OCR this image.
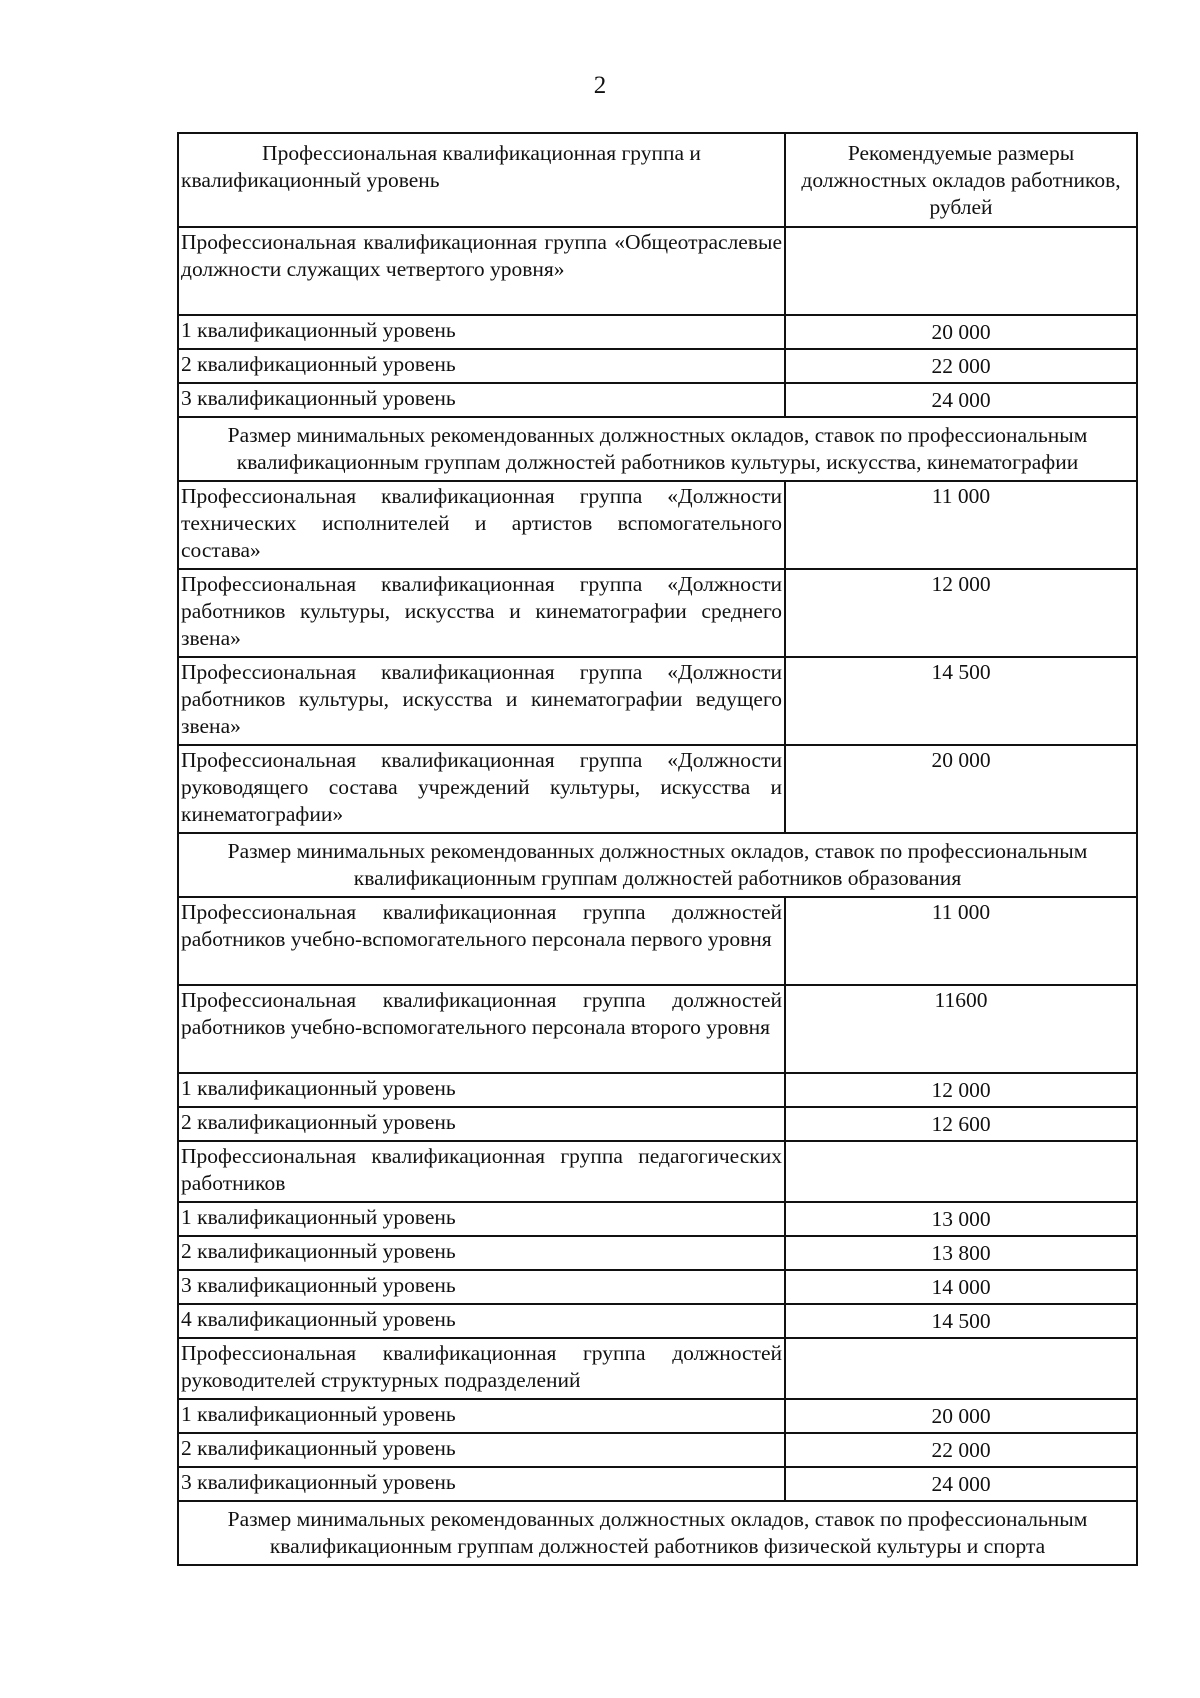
2
Профессиональная квалификационная группа и квалификационный уровень	Рекомендуемые размеры должностных окладов работников, рублей
Профессиональная квалификационная группа «Общеотраслевые должности служащих четвертого уровня»	
1 квалификационный уровень	20 000
2 квалификационный уровень	22 000
3 квалификационный уровень	24 000
Размер минимальных рекомендованных должностных окладов, ставок по профессиональным квалификационным группам должностей работников культуры, искусства, кинематографии	
Профессиональная квалификационная группа «Должности технических исполнителей и артистов вспомогательного состава»	11 000
Профессиональная квалификационная группа «Должности работников культуры, искусства и кинематографии среднего звена»	12 000
Профессиональная квалификационная группа «Должности работников культуры, искусства и кинематографии ведущего звена»	14 500
Профессиональная квалификационная группа «Должности руководящего состава учреждений культуры, искусства и кинематографии»	20 000
Размер минимальных рекомендованных должностных окладов, ставок по профессиональным квалификационным группам должностей работников образования	
Профессиональная квалификационная группа должностей работников учебно-вспомогательного персонала первого уровня	11 000
Профессиональная квалификационная группа должностей работников учебно-вспомогательного персонала второго уровня	11600
1 квалификационный уровень	12 000
2 квалификационный уровень	12 600
Профессиональная квалификационная группа педагогических работников	
1 квалификационный уровень	13 000
2 квалификационный уровень	13 800
3 квалификационный уровень	14 000
4 квалификационный уровень	14 500
Профессиональная квалификационная группа должностей руководителей структурных подразделений	
1 квалификационный уровень	20 000
2 квалификационный уровень	22 000
3 квалификационный уровень	24 000
Размер минимальных рекомендованных должностных окладов, ставок по профессиональным квалификационным группам должностей работников физической культуры и спорта	
